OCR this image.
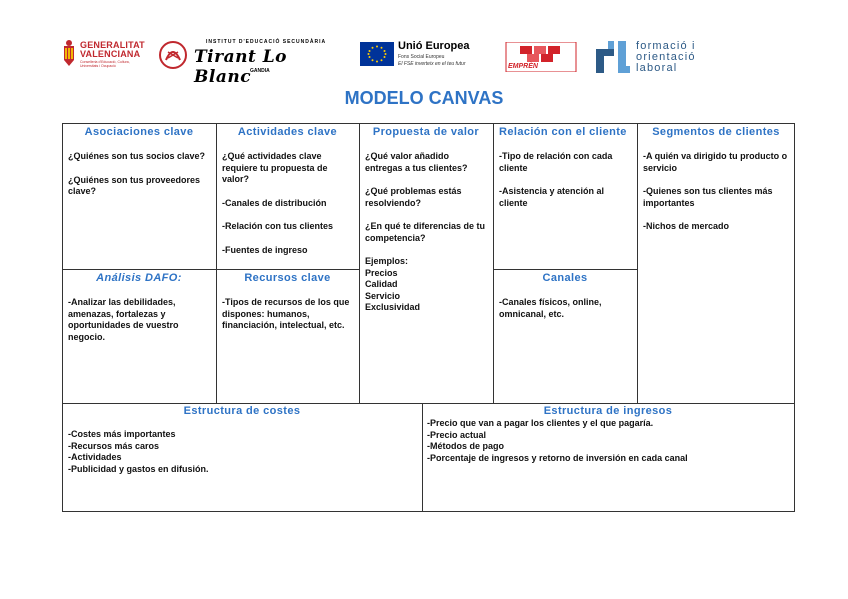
GENERALITAT
VALENCIANA
Conselleria d'Educació, Cultura, Universitats i Ocupació
INSTITUT D'EDUCACIÓ SECUNDÀRIA
Tirant Lo Blanc
GANDIA
Unió Europea
Fons Social Europeu
El FSE inverteix en el teu futur	EMPRÈN
formació i
orientació
laboral
MODELO CANVAS
Asociaciones clave

¿Quiénes son tus socios clave?

¿Quiénes son tus proveedores clave?

Actividades clave

¿Qué actividades clave requiere tu propuesta de valor?

-Canales de distribución

-Relación con tus clientes

-Fuentes de ingreso

Propuesta de valor

¿Qué valor añadido entregas a tus clientes?

¿Qué problemas estás resolviendo?

¿En qué te diferencias de tu competencia?

Ejemplos:

Precios

Calidad

Servicio

Exclusividad

Relación con el cliente

-Tipo de relación con cada cliente

-Asistencia y atención al cliente

Segmentos de clientes

-A quién va dirigido tu producto o servicio

-Quienes son tus clientes más importantes

-Nichos de mercado

Análisis DAFO:

-Analizar las debilidades, amenazas, fortalezas y oportunidades de vuestro negocio.

Recursos clave

-Tipos de recursos de los que dispones: humanos, financiación, intelectual, etc.

Canales

-Canales físicos, online, omnicanal, etc.

Estructura de costes

-Costes más importantes

-Recursos más caros

-Actividades

-Publicidad y gastos en difusión.

Estructura de ingresos

-Precio que van a pagar los clientes y el que pagaría.

-Precio actual

-Métodos de pago

-Porcentaje de ingresos y retorno de inversión en cada canal
